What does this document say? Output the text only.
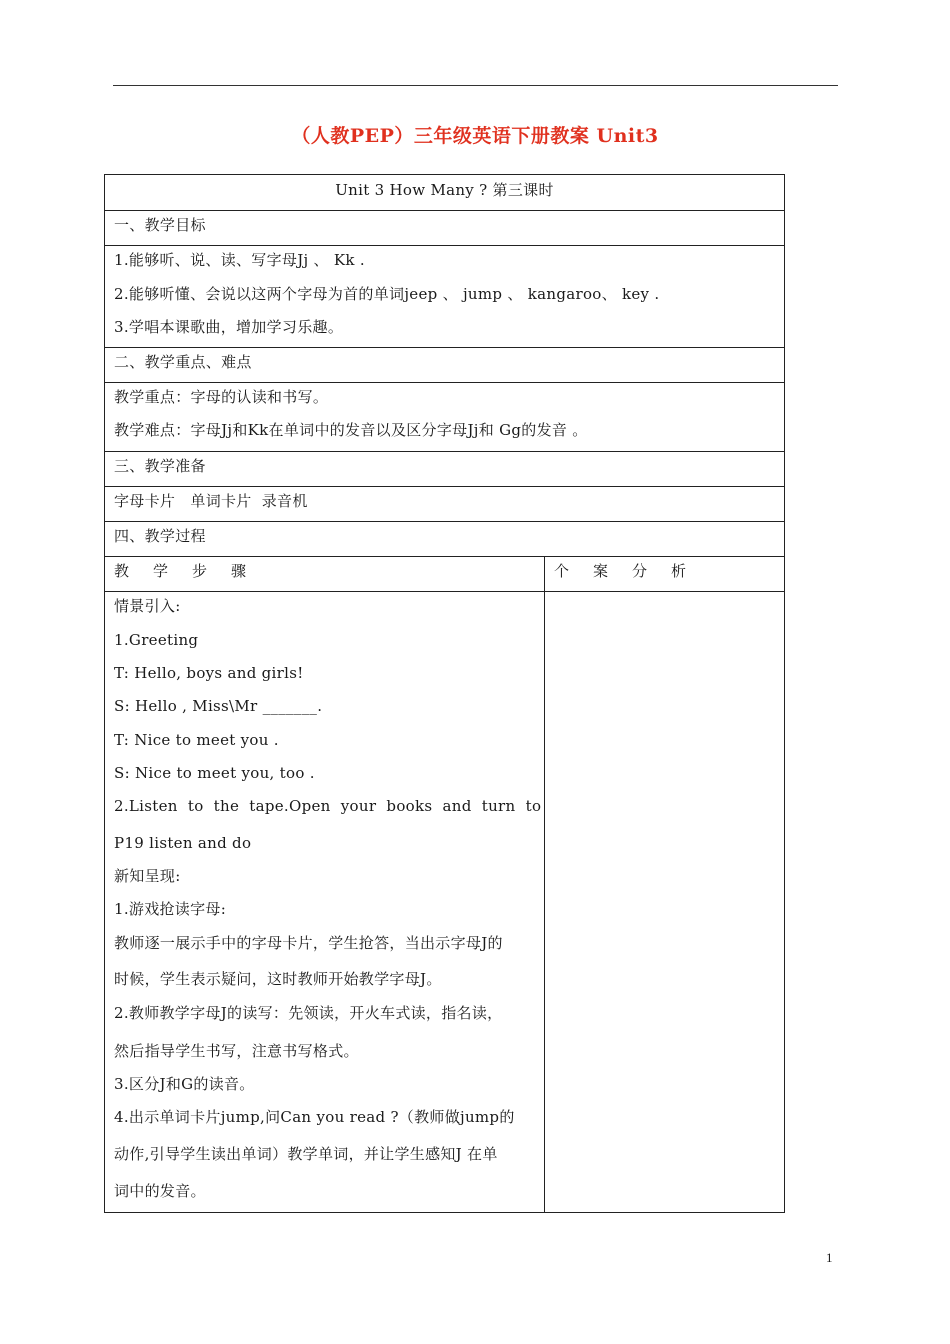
（人教PEP）三年级英语下册教案 Unit3
Unit 3 How Many ? 第三课时
一、教学目标
1.能够听、说、读、写字母Jj 、 Kk .
2.能够听懂、会说以这两个字母为首的单词jeep 、 jump 、 kangaroo、 key .
3.学唱本课歌曲，增加学习乐趣。
二、教学重点、难点
教学重点：字母的认读和书写。
教学难点：字母Jj和Kk在单词中的发音以及区分字母Jj和 Gg的发音 。
三、教学准备
字母卡片   单词卡片  录音机
四、教学过程
教学步骤	个案分析
情景引入:
1.Greeting
T: Hello, boys and girls!
S: Hello , Miss\Mr _______.
T: Nice to meet you .
S: Nice to meet you, too .
2.Listen  to  the  tape.Open  your  books  and  turn  to
P19 listen and do
新知呈现:
1.游戏抢读字母:
教师逐一展示手中的字母卡片，学生抢答，当出示字母J的
时候，学生表示疑问，这时教师开始教学字母J。
2.教师教学字母J的读写：先领读，开火车式读，指名读，
然后指导学生书写，注意书写格式。
3.区分J和G的读音。
4.出示单词卡片jump,问Can you read ?（教师做jump的
动作,引导学生读出单词）教学单词，并让学生感知J 在单
词中的发音。
1
